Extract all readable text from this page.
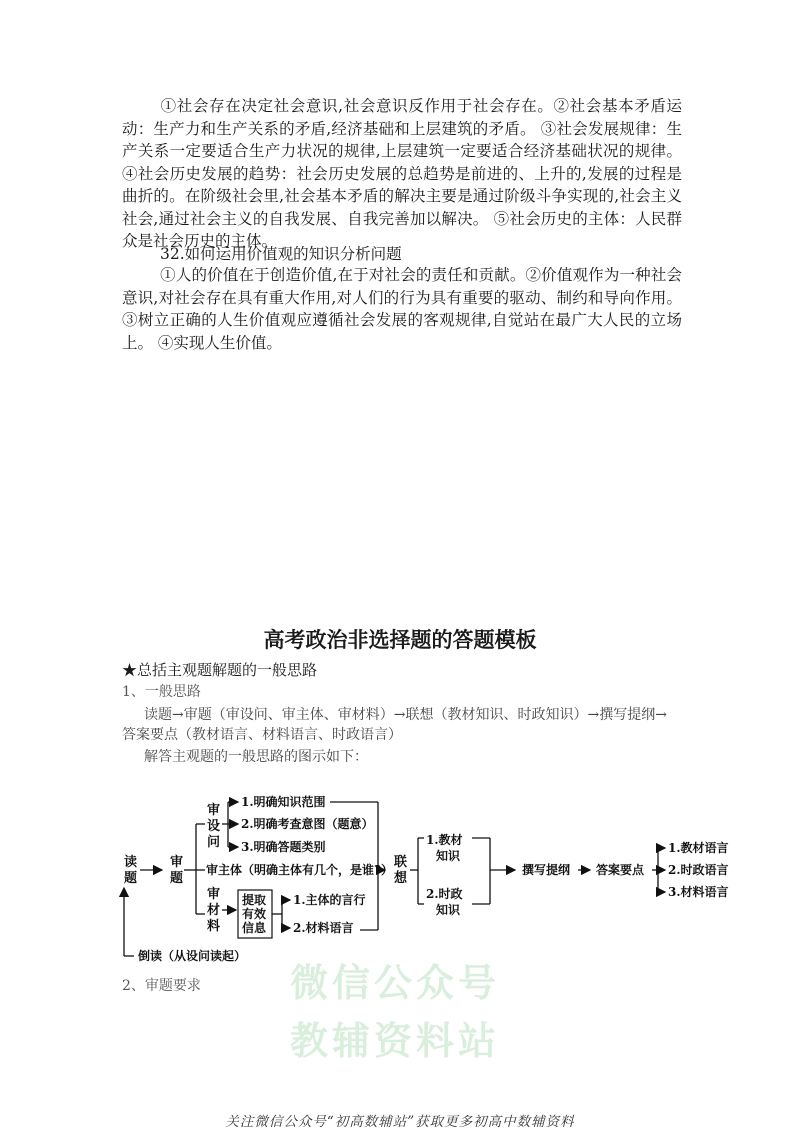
①社会存在决定社会意识,社会意识反作用于社会存在。②社会基本矛盾运动：生产力和生产关系的矛盾,经济基础和上层建筑的矛盾。 ③社会发展规律：生产关系一定要适合生产力状况的规律,上层建筑一定要适合经济基础状况的规律。 ④社会历史发展的趋势：社会历史发展的总趋势是前进的、上升的,发展的过程是曲折的。在阶级社会里,社会基本矛盾的解决主要是通过阶级斗争实现的,社会主义社会,通过社会主义的自我发展、自我完善加以解决。 ⑤社会历史的主体：人民群众是社会历史的主体。

32.如何运用价值观的知识分析问题

①人的价值在于创造价值,在于对社会的责任和贡献。②价值观作为一种社会意识,对社会存在具有重大作用,对人们的行为具有重要的驱动、制约和导向作用。 ③树立正确的人生价值观应遵循社会发展的客观规律,自觉站在最广大人民的立场上。 ④实现人生价值。

高考政治非选择题的答题模板
★总括主观题解题的一般思路
1、一般思路
读题→审题（审设问、审主体、审材料）→联想（教材知识、时政知识）→撰写提纲→
答案要点（教材语言、材料语言、时政语言）
解答主观题的一般思路的图示如下：
微信公众号
教辅资料站
读
题
审
题
审
设
问
1.明确知识范围
2.明确考查意图（题意）
3.明确答题类别
审主体（明确主体有几个，是谁?）
审
材
料
提取
有效
信息
1.主体的言行
2.材料语言
倒读（从设问读起）
联
想
1.教材
知识
2.时政
知识
撰写提纲 答案要点
1.教材语言
2.时政语言
3.材料语言
2、审题要求
关注微信公众号“初高数辅站”获取更多初高中数辅资料
